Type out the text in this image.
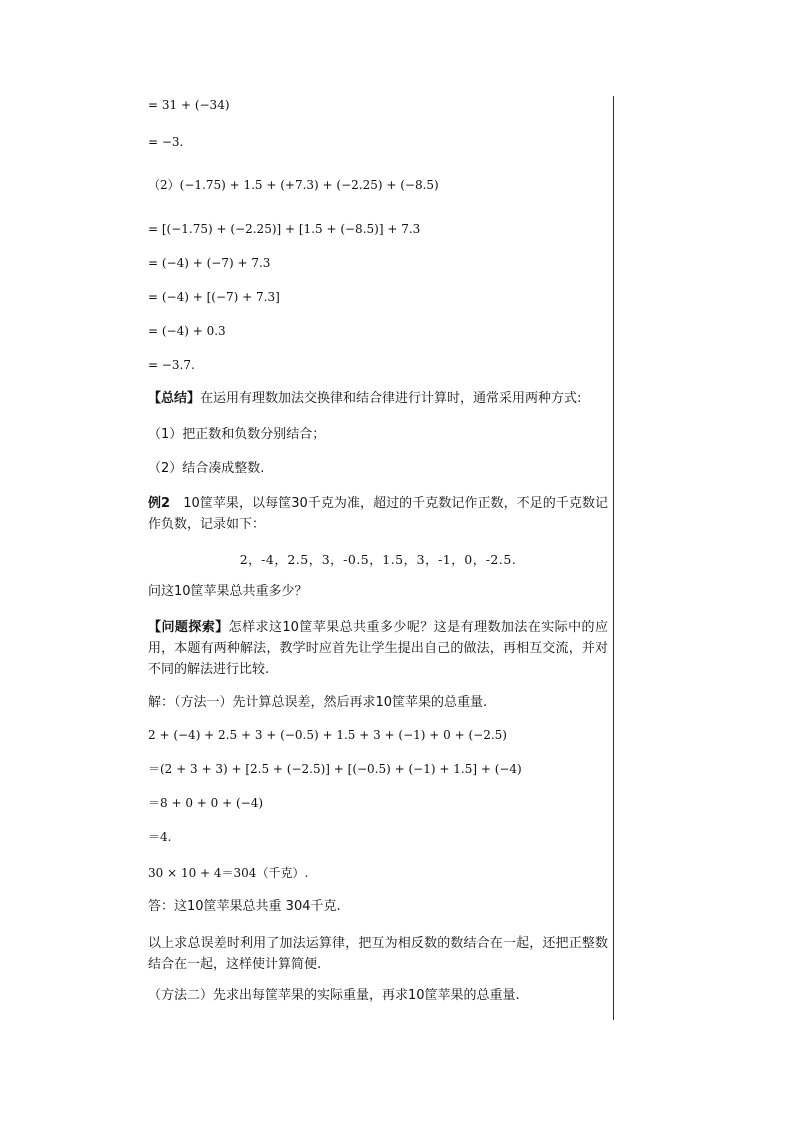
= 31 + (−34)
= −3.
（2）(−1.75) + 1.5 + (+7.3) + (−2.25) + (−8.5)
= [(−1.75) + (−2.25)] + [1.5 + (−8.5)] + 7.3
= (−4) + (−7) + 7.3
= (−4) + [(−7) + 7.3]
= (−4) + 0.3
= −3.7.
【总结】在运用有理数加法交换律和结合律进行计算时，通常采用两种方式:
（1）把正数和负数分别结合；
（2）结合凑成整数.
例2　10筐苹果，以每筐30千克为准，超过的千克数记作正数，不足的千克数记作负数，记录如下：
2，-4，2.5，3，-0.5，1.5，3，-1，0，-2.5.
问这10筐苹果总共重多少？
【问题探索】怎样求这10筐苹果总共重多少呢？这是有理数加法在实际中的应用，本题有两种解法，教学时应首先让学生提出自己的做法，再相互交流，并对不同的解法进行比较.
解：（方法一）先计算总误差，然后再求10筐苹果的总重量.
2 + (−4) + 2.5 + 3 + (−0.5) + 1.5 + 3 + (−1) + 0 + (−2.5)
＝(2 + 3 + 3) + [2.5 + (−2.5)] + [(−0.5) + (−1) + 1.5] + (−4)
＝8 + 0 + 0 + (−4)
＝4.
30 × 10 + 4＝304（千克）.
答：这10筐苹果总共重 304千克.
以上求总误差时利用了加法运算律，把互为相反数的数结合在一起，还把正整数结合在一起，这样使计算简便.
（方法二）先求出每筐苹果的实际重量，再求10筐苹果的总重量.
